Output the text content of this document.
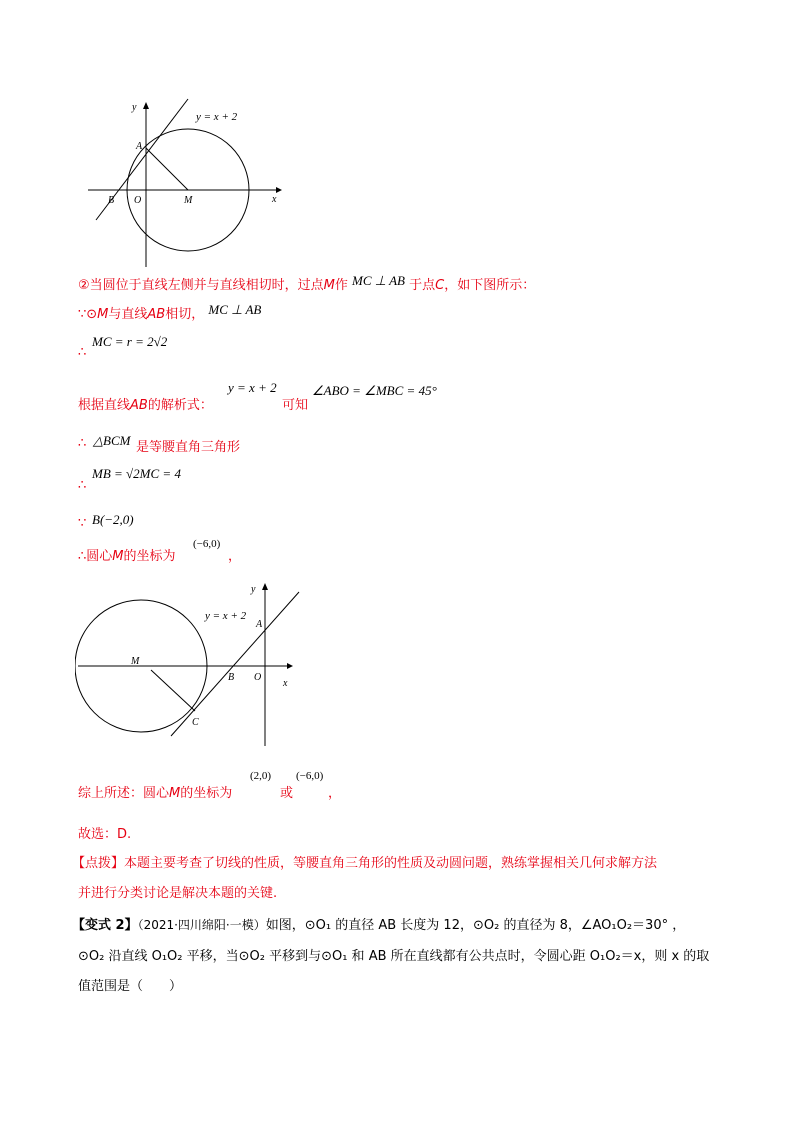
y = x + 2
y
x
A
B O	M
②当圆位于直线左侧并与直线相切时，过点M作 MC ⊥ AB 于点C，如下图所示：
∵⊙M与直线AB相切， MC ⊥ AB
∴
MC = r = 2√2
根据直线AB的解析式：
y = x + 2
可知
∠ABO = ∠MBC = 45°
∴ △BCM 是等腰直角三角形
∴
MB = √2MC = 4
∵ B(−2,0)
∴圆心M的坐标为
(−6,0)
，
y = x + 2
y
x
A
B O
M
C
综上所述：圆心M的坐标为
(2,0)
或
(−6,0)
，
故选：D.
【点拨】本题主要考查了切线的性质，等腰直角三角形的性质及动圆问题，熟练掌握相关几何求解方法
并进行分类讨论是解决本题的关键.
【变式 2】（2021·四川绵阳·一模）如图，⊙O₁ 的直径 AB 长度为 12，⊙O₂ 的直径为 8，∠AO₁O₂＝30° ，
⊙O₂ 沿直线 O₁O₂ 平移，当⊙O₂ 平移到与⊙O₁ 和 AB 所在直线都有公共点时，令圆心距 O₁O₂＝x，则 x 的取
值范围是（　　）
